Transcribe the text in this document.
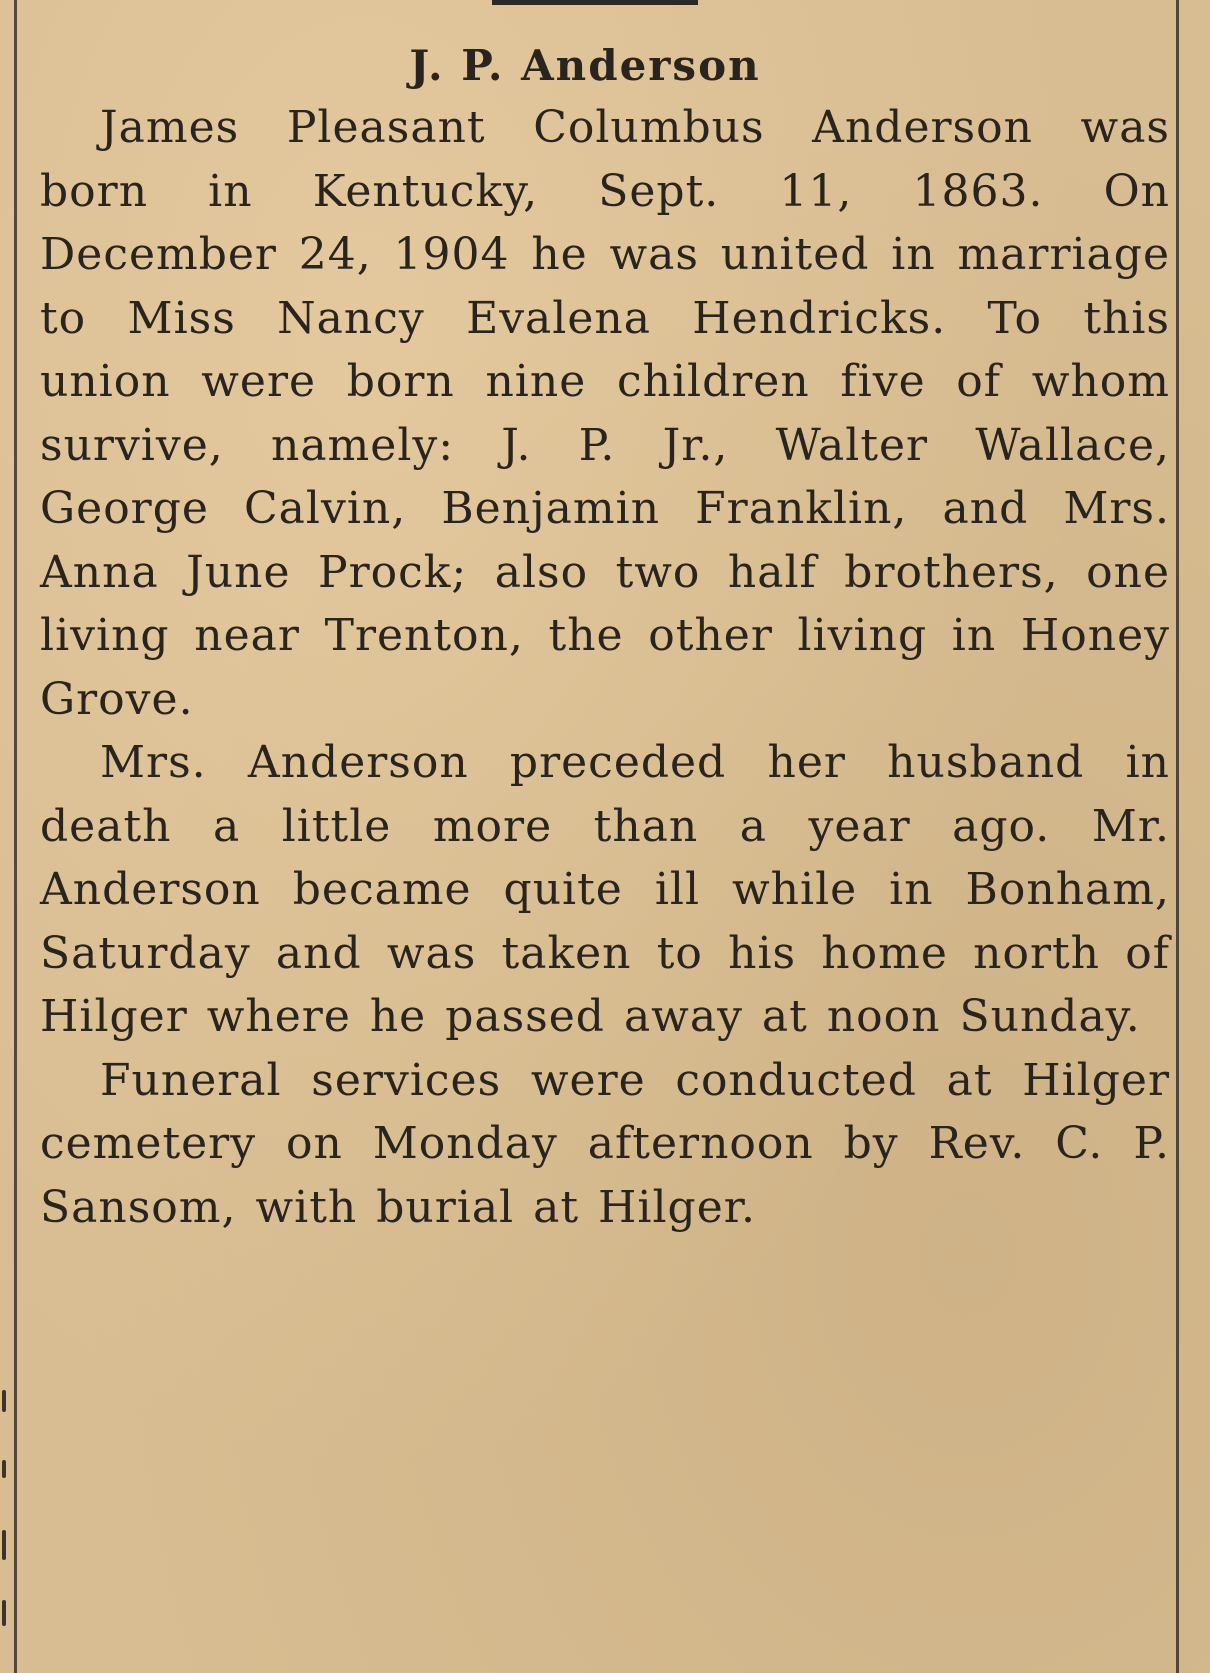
J. P. Anderson

James Pleasant Columbus Anderson was born in Kentucky, Sept. 11, 1863. On December 24, 1904 he was united in marriage to Miss Nancy Evalena Hendricks. To this union were born nine children five of whom survive, namely: J. P. Jr., Walter Wallace, George Calvin, Benjamin Franklin, and Mrs. Anna June Prock; also two half brothers, one living near Trenton, the other living in Honey Grove.

Mrs. Anderson preceded her husband in death a little more than a year ago. Mr. Anderson became quite ill while in Bonham, Saturday and was taken to his home north of Hilger where he passed away at noon Sunday.

Funeral services were conducted at Hilger cemetery on Monday afternoon by Rev. C. P. Sansom, with burial at Hilger.
